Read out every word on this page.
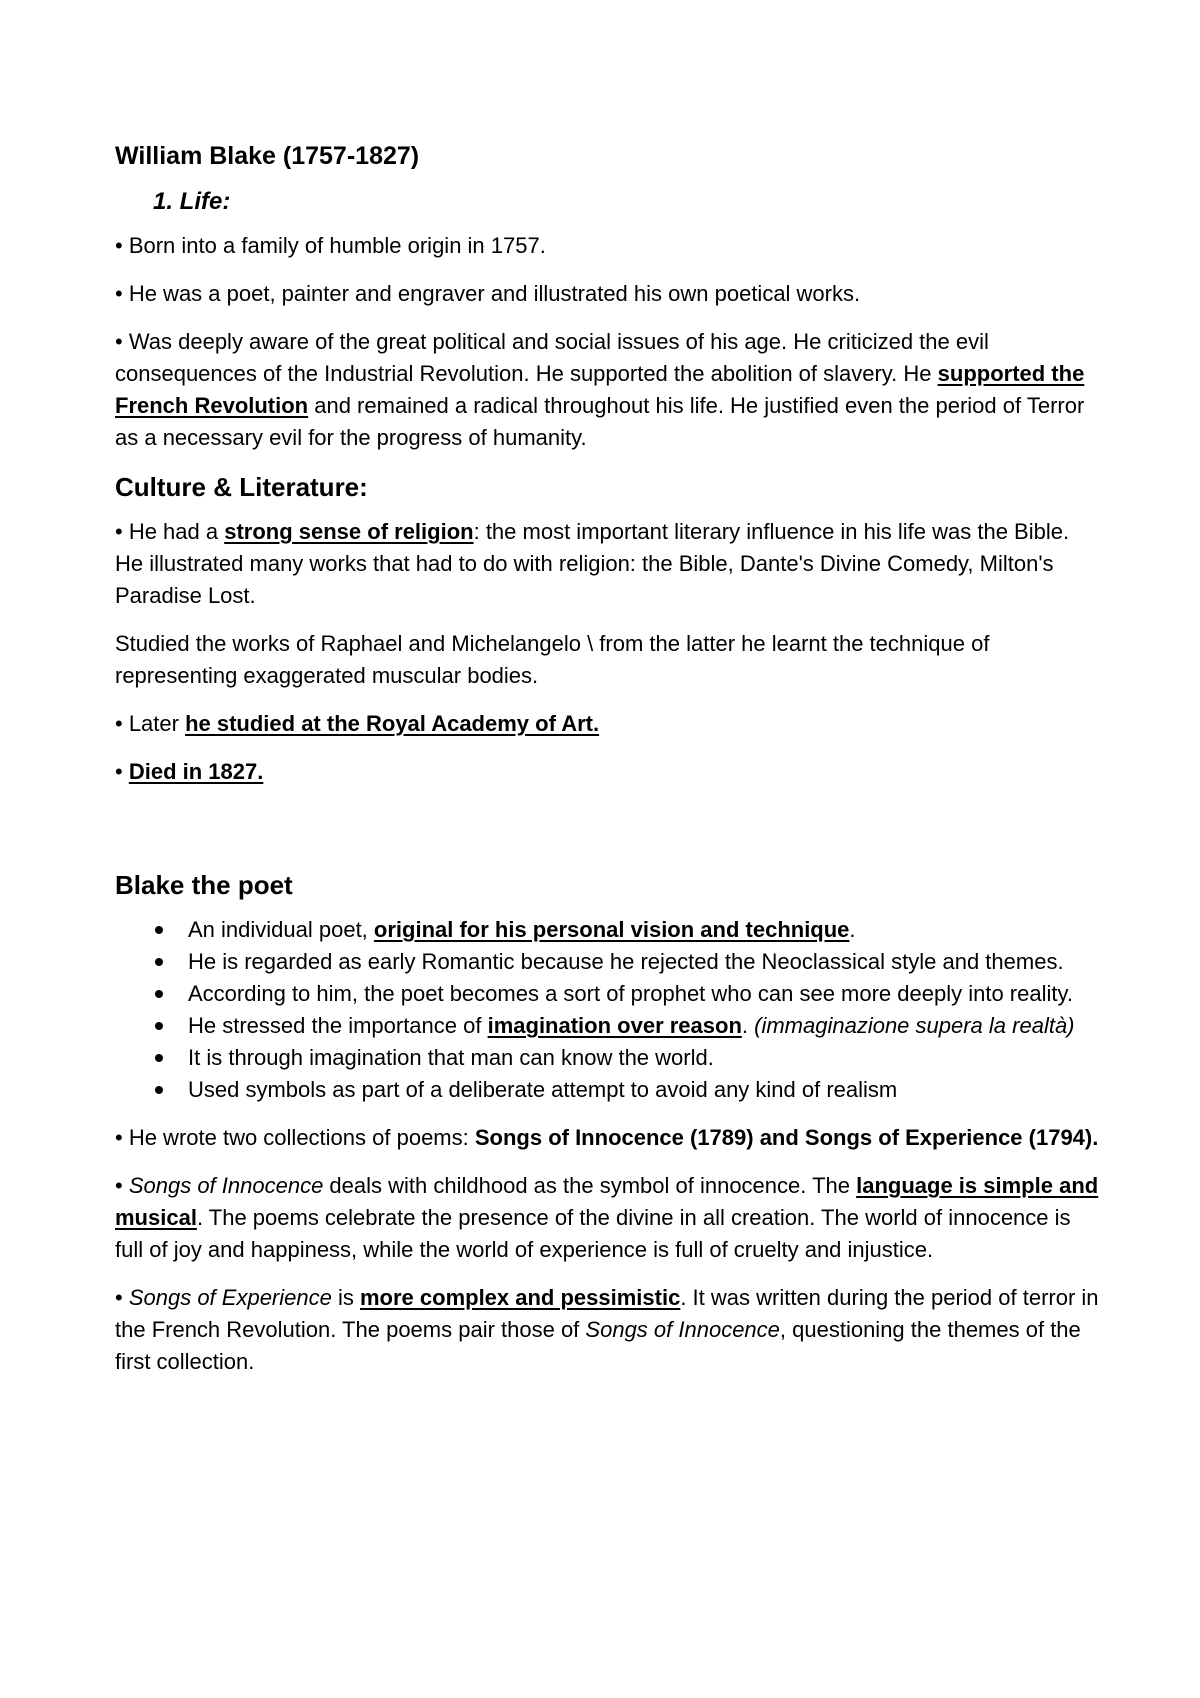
William Blake (1757-1827)

1. Life:

• Born into a family of humble origin in 1757.

• He was a poet, painter and engraver and illustrated his own poetical works.

• Was deeply aware of the great political and social issues of his age. He criticized the evil consequences of the Industrial Revolution. He supported the abolition of slavery. He supported the French Revolution and remained a radical throughout his life. He justified even the period of Terror as a necessary evil for the progress of humanity.

Culture & Literature:

• He had a strong sense of religion: the most important literary influence in his life was the Bible. He illustrated many works that had to do with religion: the Bible, Dante's Divine Comedy, Milton's Paradise Lost.

Studied the works of Raphael and Michelangelo \ from the latter he learnt the technique of representing exaggerated muscular bodies.

• Later he studied at the Royal Academy of Art.

• Died in 1827.

Blake the poet

An individual poet, original for his personal vision and technique.
He is regarded as early Romantic because he rejected the Neoclassical style and themes.
According to him, the poet becomes a sort of prophet who can see more deeply into reality.
He stressed the importance of imagination over reason. (immaginazione supera la realtà)
It is through imagination that man can know the world.
Used symbols as part of a deliberate attempt to avoid any kind of realism

• He wrote two collections of poems: Songs of Innocence (1789) and Songs of Experience (1794).

• Songs of Innocence deals with childhood as the symbol of innocence. The language is simple and musical. The poems celebrate the presence of the divine in all creation. The world of innocence is full of joy and happiness, while the world of experience is full of cruelty and injustice.

• Songs of Experience is more complex and pessimistic. It was written during the period of terror in the French Revolution. The poems pair those of Songs of Innocence, questioning the themes of the first collection.
